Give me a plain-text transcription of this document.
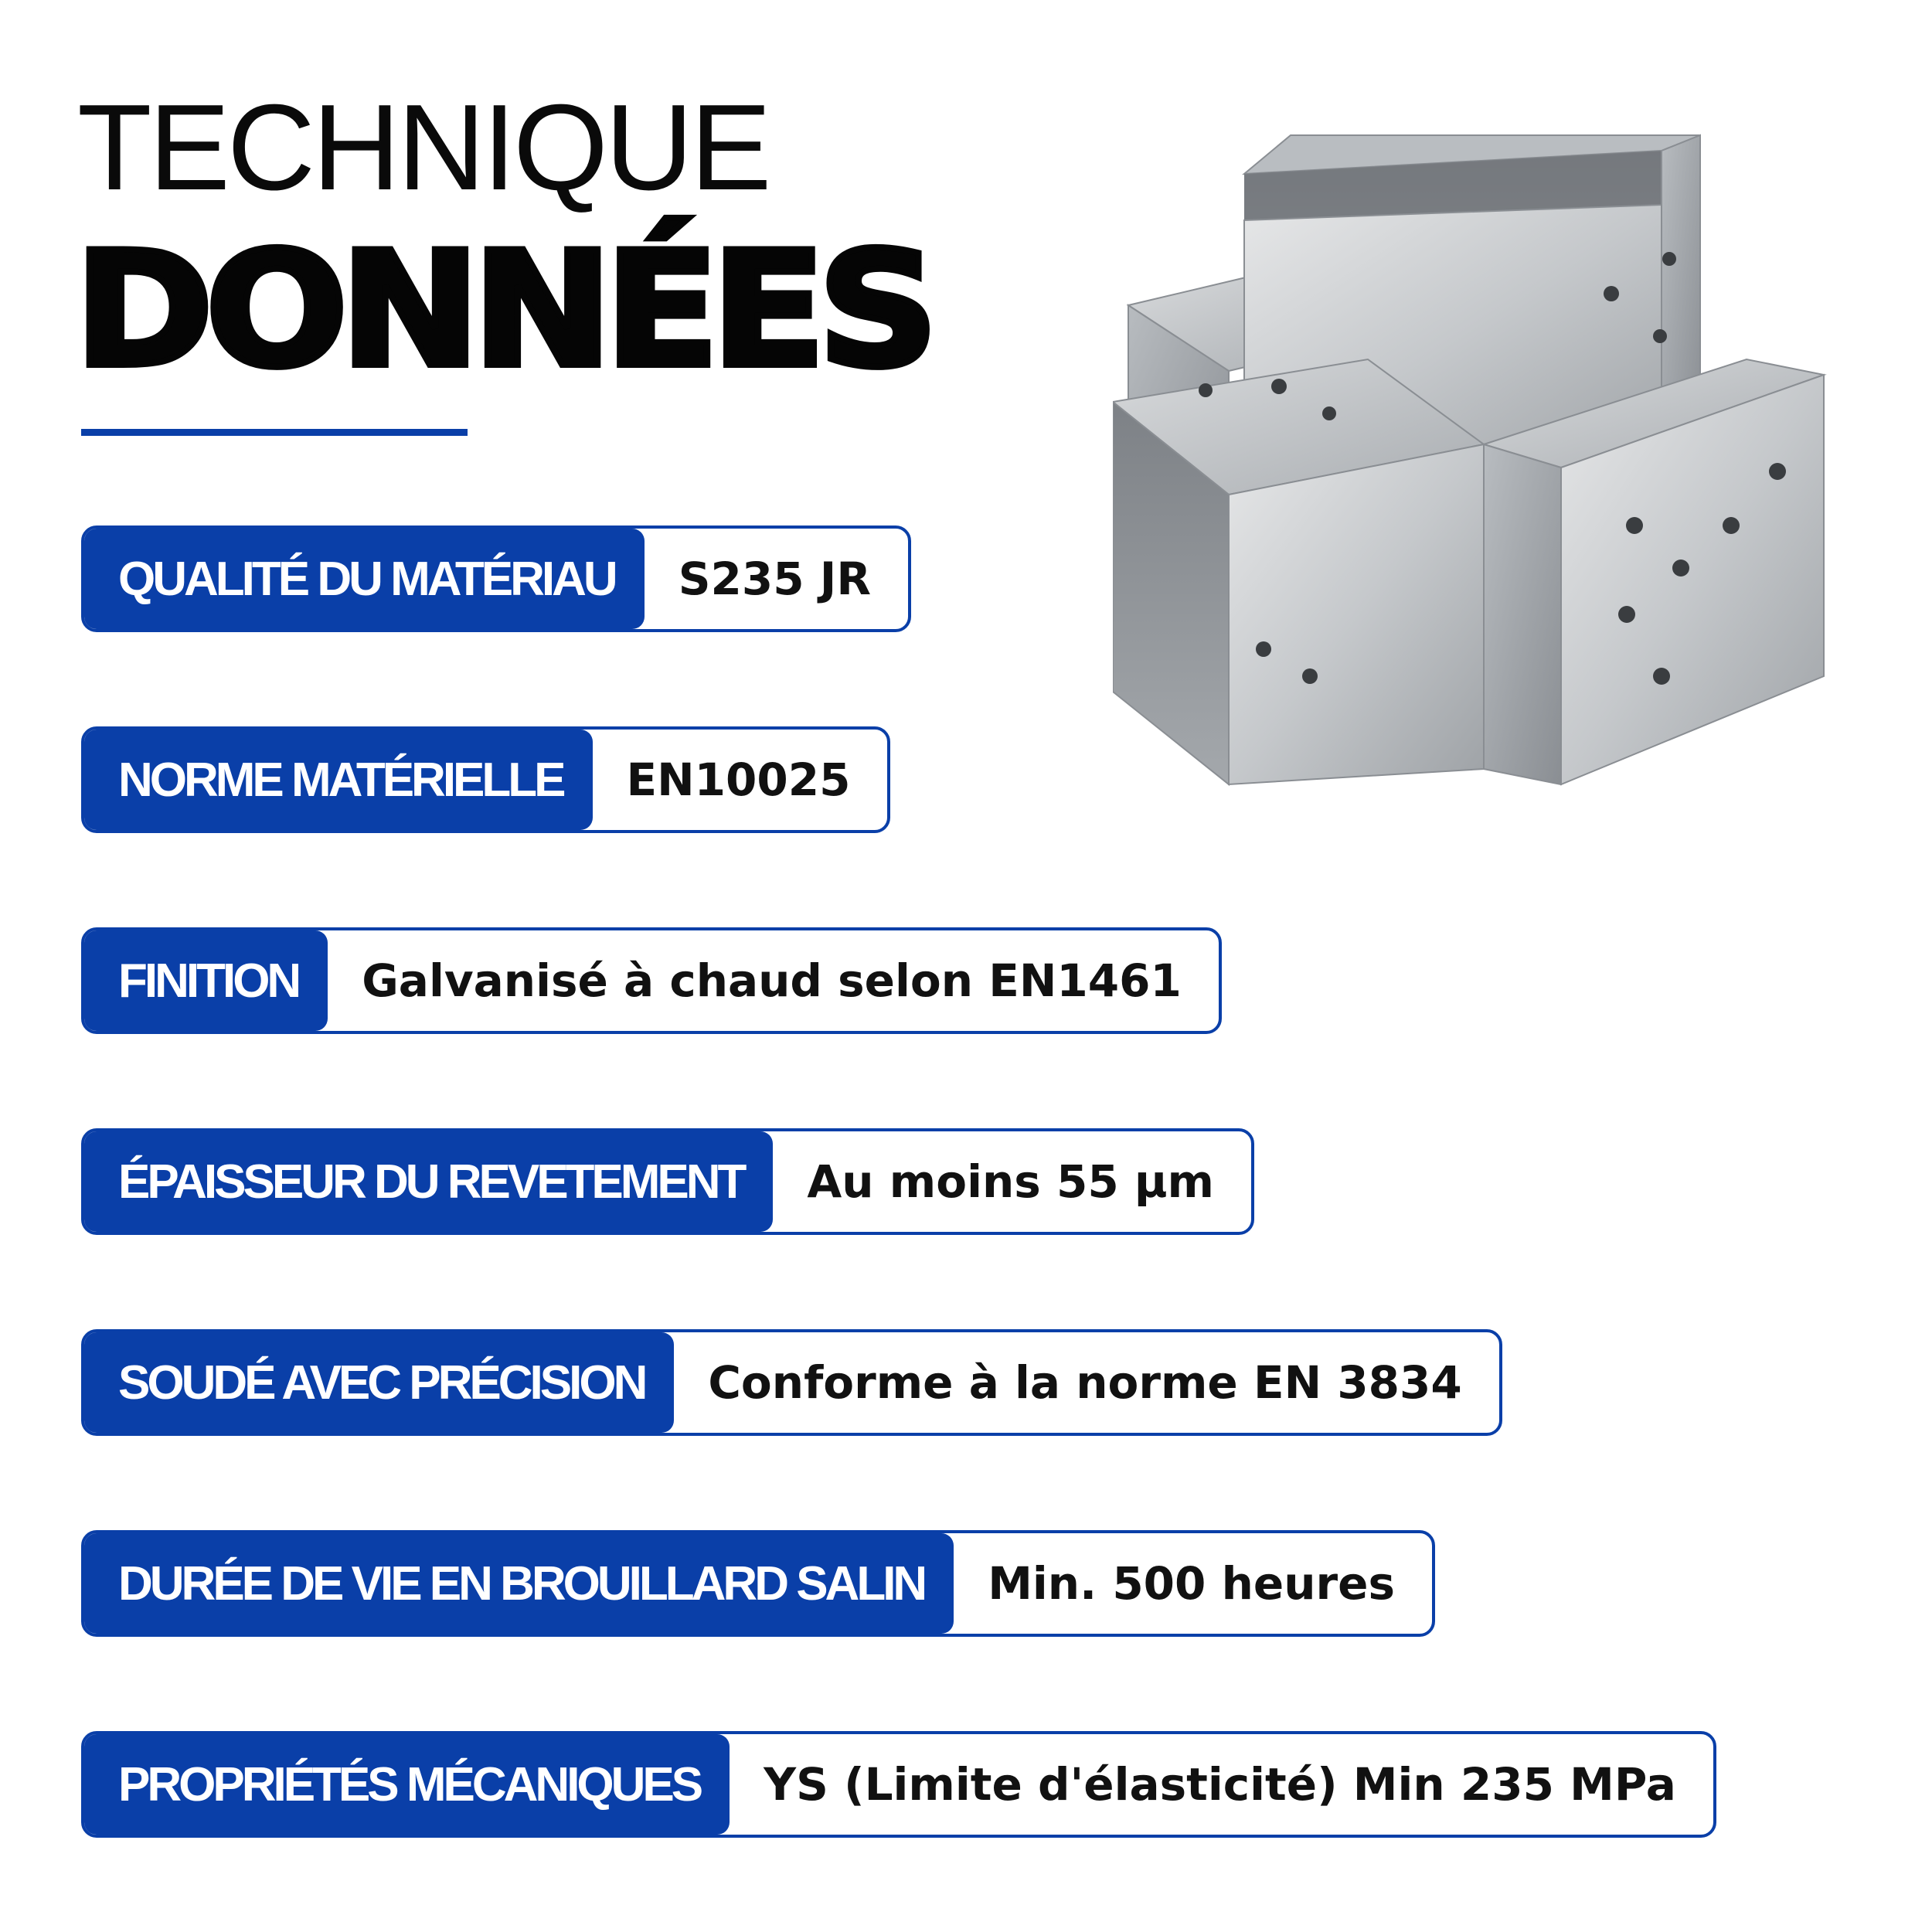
TECHNIQUE
DONNÉES
QUALITÉ DU MATÉRIAU	S235 JR
NORME MATÉRIELLE	EN10025
FINITION	Galvanisé à chaud selon EN1461
ÉPAISSEUR DU REVETEMENT	Au moins 55 µm
SOUDÉ AVEC PRÉCISION	Conforme à la norme EN 3834
DURÉE DE VIE EN BROUILLARD SALIN	Min. 500 heures
PROPRIÉTÉS MÉCANIQUES	YS (Limite d'élasticité) Min 235 MPa
